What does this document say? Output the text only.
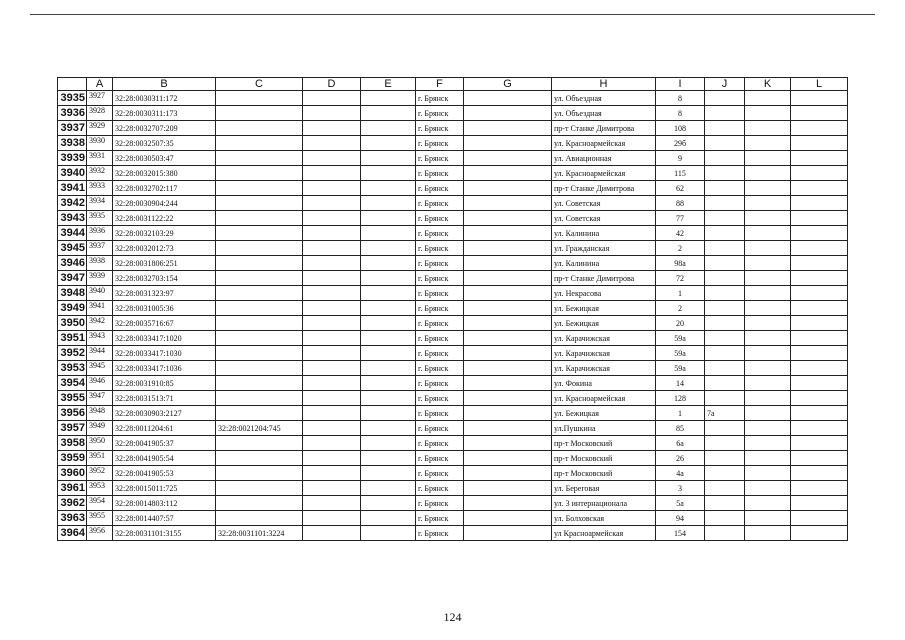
	A	B	C	D	E	F	G	H	I	J	K	L
3935	3927	32:28:0030311:172				г. Брянск		ул. Объездная	8			
3936	3928	32:28:0030311:173				г. Брянск		ул. Объездная	8			
3937	3929	32:28:0032707:209				г. Брянск		пр-т Станке Димитрова	108			
3938	3930	32:28:0032507:35				г. Брянск		ул. Красноармейская	29б			
3939	3931	32:28:0030503:47				г. Брянск		ул. Авиационная	9			
3940	3932	32:28:0032015:380				г. Брянск		ул. Красноармейская	115			
3941	3933	32:28:0032702:117				г. Брянск		пр-т Станке Димитрова	62			
3942	3934	32:28:0030904:244				г. Брянск		ул. Советская	88			
3943	3935	32:28:0031122:22				г. Брянск		ул. Советская	77			
3944	3936	32:28:0032103:29				г. Брянск		ул. Калинина	42			
3945	3937	32:28:0032012:73				г. Брянск		ул. Гражданская	2			
3946	3938	32:28:0031806:251				г. Брянск		ул. Калинина	98а			
3947	3939	32:28:0032703:154				г. Брянск		пр-т Станке Димитрова	72			
3948	3940	32:28:0031323:97				г. Брянск		ул. Некрасова	1			
3949	3941	32:28:0031005:36				г. Брянск		ул. Бежицкая	2			
3950	3942	32:28:0035716:67				г. Брянск		ул. Бежицкая	20			
3951	3943	32:28:0033417:1020				г. Брянск		ул. Карачижская	59а			
3952	3944	32:28:0033417:1030				г. Брянск		ул. Карачижская	59а			
3953	3945	32:28:0033417:1036				г. Брянск		ул. Карачижская	59а			
3954	3946	32:28:0031910:85				г. Брянск		ул. Фокина	14			
3955	3947	32:28:0031513:71				г. Брянск		ул. Красноармейская	128			
3956	3948	32:28:0030903:2127				г. Брянск		ул. Бежицкая	1	7а		
3957	3949	32:28:0011204:61	32:28:0021204:745			г. Брянск		ул.Пушкина	85			
3958	3950	32:28:0041905:37				г. Брянск		пр-т Московский	6а			
3959	3951	32:28:0041905:54				г. Брянск		пр-т Московский	26			
3960	3952	32:28:0041905:53				г. Брянск		пр-т Московский	4а			
3961	3953	32:28:0015011:725				г. Брянск		ул. Береговая	3			
3962	3954	32:28:0014803:112				г. Брянск		ул. 3 интернационала	5а			
3963	3955	32:28:0014407:57				г. Брянск		ул. Болховская	94			
3964	3956	32:28:0031101:3155	32:28:0031101:3224			г. Брянск		ул Красноармейская	154			
124
